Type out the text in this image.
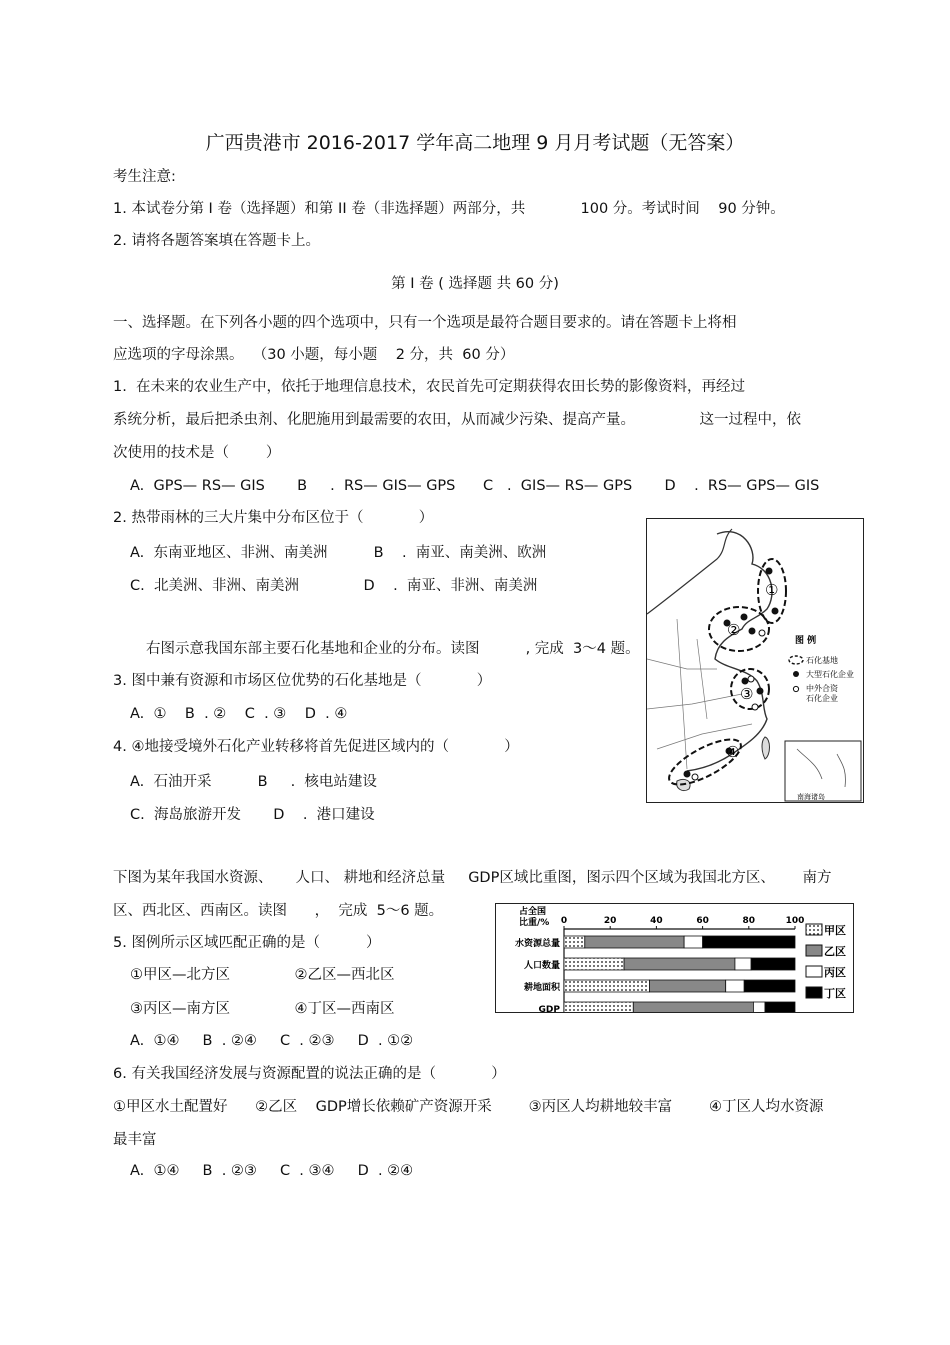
广西贵港市 2016-2017 学年高二地理 9 月月考试题（无答案）
考生注意:
1. 本试卷分第 I 卷（选择题）和第 II 卷（非选择题）两部分，共            100 分。考试时间    90 分钟。
2. 请将各题答案填在答题卡上。
第 I 卷 ( 选择题 共 60 分)
一、选择题。在下列各小题的四个选项中，只有一个选项是最符合题目要求的。请在答题卡上将相
应选项的字母涂黑。  （30 小题，每小题    2 分，共  60 分）
1.  在未来的农业生产中，依托于地理信息技术，农民首先可定期获得农田长势的影像资料，再经过
系统分析，最后把杀虫剂、化肥施用到最需要的农田，从而减少污染、提高产量。              这一过程中，依
次使用的技术是（        ）
A.  GPS— RS— GIS       B     .  RS— GIS— GPS      C   .  GIS— RS— GPS       D    .  RS— GPS— GIS
2. 热带雨林的三大片集中分布区位于（            ）
A.  东南亚地区、非洲、南美洲          B    .  南亚、南美洲、欧洲
C.  北美洲、非洲、南美洲              D    .  南亚、非洲、南美洲
右图示意我国东部主要石化基地和企业的分布。读图          , 完成  3～4 题。
3. 图中兼有资源和市场区位优势的石化基地是（            ）
A.  ①    B  . ②    C  . ③    D  . ④
4. ④地接受境外石化产业转移将首先促进区域内的（            ）
A.  石油开采          B     .  核电站建设
C.  海岛旅游开发       D    .  港口建设
①
②
③
④
图 例
石化基地
大型石化企业
中外合资
石化企业
南海诸岛
下图为某年我国水资源、     人口、 耕地和经济总量     GDP区域比重图，图示四个区域为我国北方区、      南方
区、西北区、西南区。读图      ，  完成  5～6 题。
5. 图例所示区域匹配正确的是（          ）
①甲区—北方区              ②乙区—西北区
③丙区—南方区              ④丁区—西南区
A.  ①④     B  . ②④     C  . ②③     D  . ①②
6. 有关我国经济发展与资源配置的说法正确的是（            ）
①甲区水土配置好      ②乙区    GDP增长依赖矿产资源开采        ③丙区人均耕地较丰富        ④丁区人均水资源
最丰富
A.  ①④     B  . ②③     C  . ③④     D  . ②④
占全国
比重/% 0	20	40	60	80	100
水资源总量
人口数量
耕地面积
GDP
甲区
乙区
丙区
丁区
